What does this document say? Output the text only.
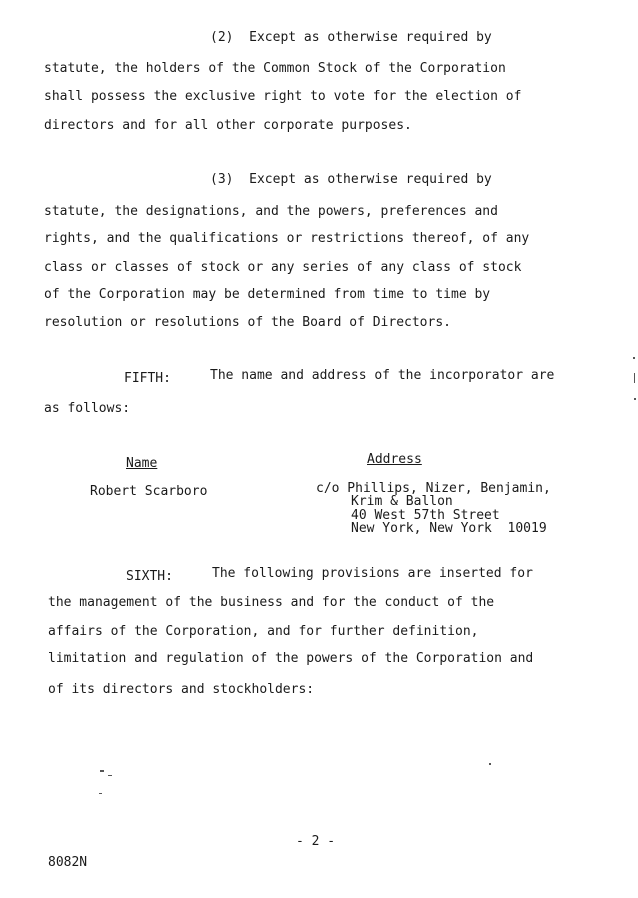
(2)  Except as otherwise required by
statute, the holders of the Common Stock of the Corporation
shall possess the exclusive right to vote for the election of
directors and for all other corporate purposes.
(3)  Except as otherwise required by
statute, the designations, and the powers, preferences and
rights, and the qualifications or restrictions thereof, of any
class or classes of stock or any series of any class of stock
of the Corporation may be determined from time to time by
resolution or resolutions of the Board of Directors.
FIFTH:	The name and address of the incorporator are
as follows:
Name	Address
Robert Scarboro	c/o Phillips, Nizer, Benjamin,
Krim & Ballon
40 West 57th Street
New York, New York  10019
SIXTH:	The following provisions are inserted for
the management of the business and for the conduct of the
affairs of the Corporation, and for further definition,
limitation and regulation of the powers of the Corporation and
of its directors and stockholders:
- 2 -
8082N
